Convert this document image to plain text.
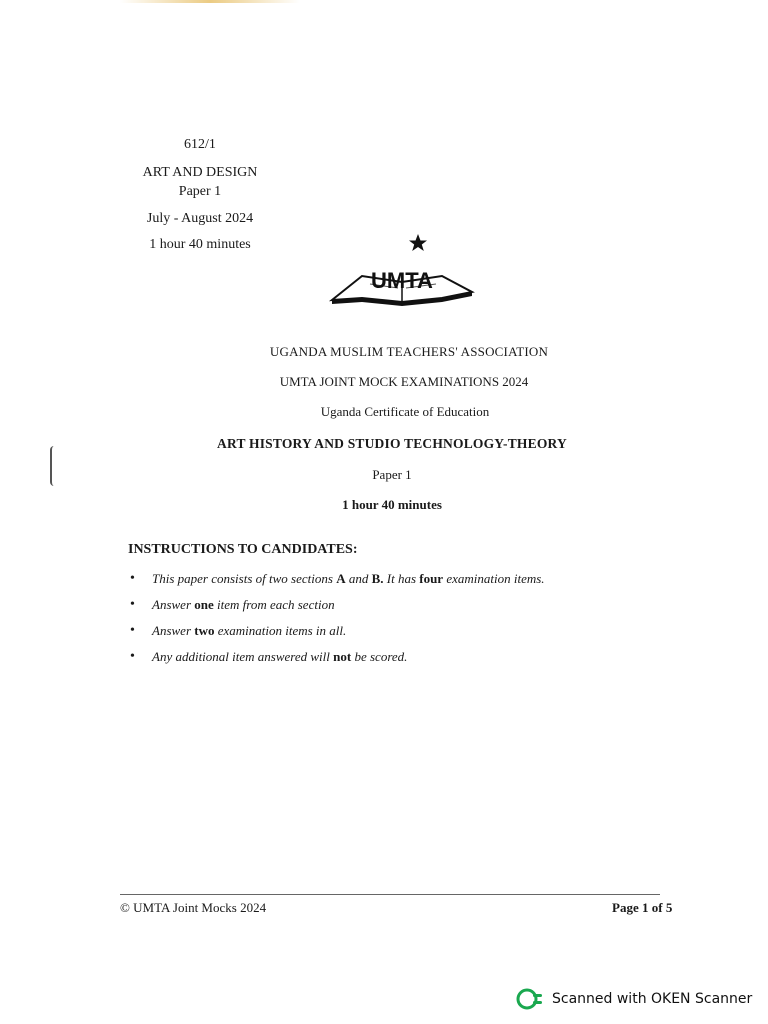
612/1
ART AND DESIGN
Paper 1
July - August 2024
1 hour 40 minutes
UMTA
UGANDA MUSLIM TEACHERS' ASSOCIATION
UMTA JOINT MOCK EXAMINATIONS 2024
Uganda Certificate of Education
ART HISTORY AND STUDIO TECHNOLOGY-THEORY
Paper 1
1 hour 40 minutes
INSTRUCTIONS TO CANDIDATES:
•	This paper consists of two sections A and B. It has four examination items.
•	Answer one item from each section
•	Answer two examination items in all.
•	Any additional item answered will not be scored.
© UMTA Joint Mocks 2024	Page 1 of 5
Scanned with OKEN Scanner
